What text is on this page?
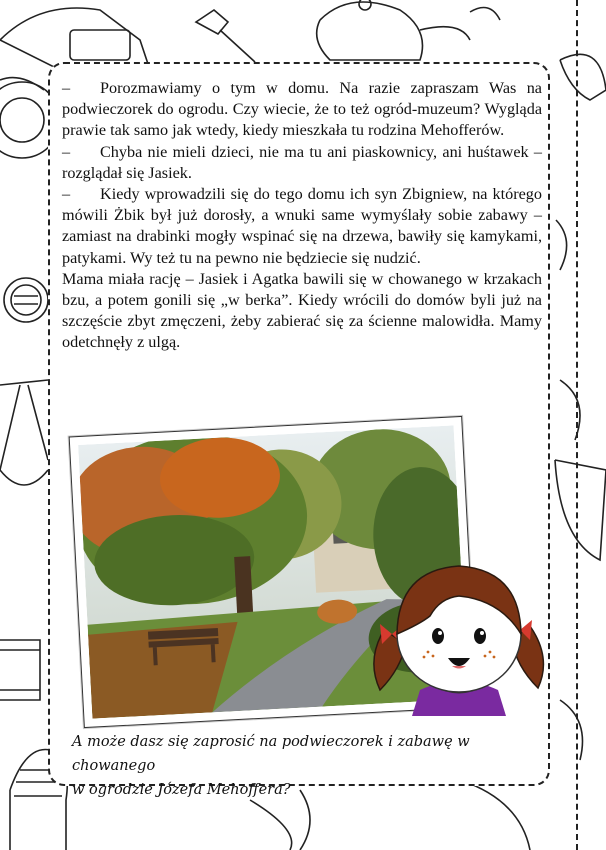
– Porozmawiamy o tym w domu. Na razie zapraszam Was na podwieczorek do ogrodu. Czy wiecie, że to też ogród-muzeum? Wygląda prawie tak samo jak wtedy, kiedy mieszkała tu rodzina Mehofferów.

– Chyba nie mieli dzieci, nie ma tu ani piaskownicy, ani huśtawek – rozglądał się Jasiek.

– Kiedy wprowadzili się do tego domu ich syn Zbigniew, na którego mówili Żbik był już dorosły, a wnuki same wymyślały sobie zabawy – zamiast na drabinki mogły wspinać się na drzewa, bawiły się kamykami, patykami. Wy też tu na pewno nie będziecie się nudzić.

Mama miała rację – Jasiek i Agatka bawili się w chowanego w krzakach bzu, a potem gonili się „w berka”. Kiedy wrócili do domów byli już na szczęście zbyt zmęczeni, żeby zabierać się za ścienne malowidła. Mamy odetchnęły z ulgą.

A może dasz się zaprosić na podwieczorek i zabawę w chowanego
w ogrodzie Józefa Mehoffera?
